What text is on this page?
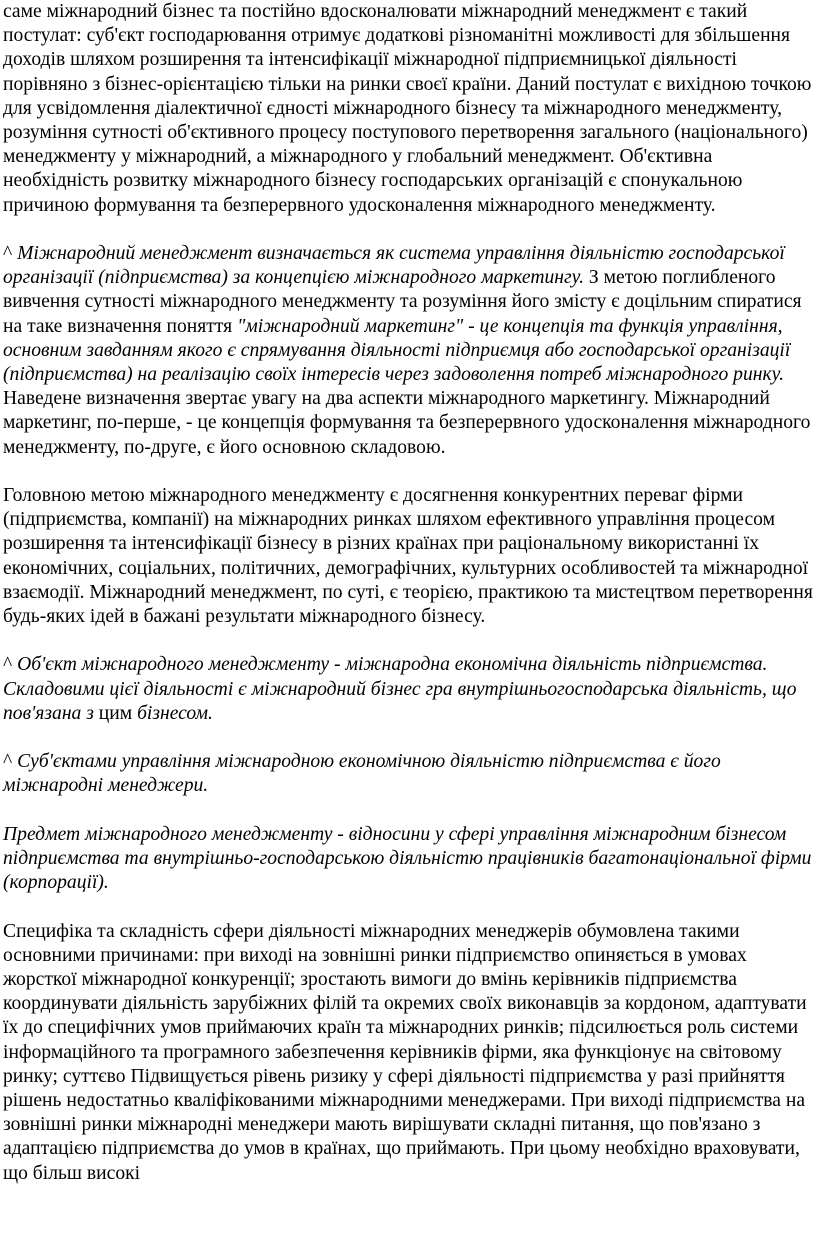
саме міжнародний бізнес та постійно вдосконалювати міжнародний менеджмент є такий постулат: суб'єкт господарювання отримує додаткові різноманітні можливості для збільшення доходів шляхом розширення та інтенсифікації міжнародної підприємницької діяльності порівняно з бізнес-орієнтацією тільки на ринки своєї країни. Даний постулат є вихідною точкою для усвідомлення діалектичної єдності міжнародного бізнесу та міжнародного менеджменту, розуміння сутності об'єктивного процесу поступового перетворення загального (національного) менеджменту у міжнародний, а міжнародного у глобальний менеджмент. Об'єктивна необхідність розвитку міжнародного бізнесу господарських організацій є спонукальною причиною формування та безперервного удосконалення міжнародного менеджменту.

^ Міжнародний менеджмент визначається як система управління діяльністю господарської організації (підприємства) за концепцією міжнародного маркетингу. З метою поглибленого вивчення сутності міжнародного менеджменту та розуміння його змісту є доцільним спиратися на таке визначення поняття "міжнародний маркетинг" - це концепція та функція управління, основним завданням якого є спрямування діяльності підприємця або господарської організації (підприємства) на реалізацію своїх інтересів через задоволення потреб міжнародного ринку. Наведене визначення звертає увагу на два аспекти міжнародного маркетингу. Міжнародний маркетинг, по-перше, - це концепція формування та безперервного удосконалення міжнародного менеджменту, по-друге, є його основною складовою.

Головною метою міжнародного менеджменту є досягнення конкурентних переваг фірми (підприємства, компанії) на міжнародних ринках шляхом ефективного управління процесом розширення та інтенсифікації бізнесу в різних країнах при раціональному використанні їх економічних, соціальних, політичних, демографічних, культурних особливостей та міжнародної взаємодії. Міжнародний менеджмент, по суті, є теорією, практикою та мистецтвом перетворення будь-яких ідей в бажані результати міжнародного бізнесу.

^ Об'єкт міжнародного менеджменту - міжнародна економічна діяльність підприємства. Складовими цієї діяльності є міжнародний бізнес гра внутрішньогосподарська діяльність, що пов'язана з цим бізнесом.

^ Суб'єктами управління міжнародною економічною діяльністю підприємства є його міжнародні менеджери.

Предмет міжнародного менеджменту - відносини у сфері управління міжнародним бізнесом підприємства та внутрішньо-господарською діяльністю працівників багатонаціональної фірми (корпорації).

Специфіка та складність сфери діяльності міжнародних менеджерів обумовлена такими основними причинами: при виході на зовнішні ринки підприємство опиняється в умовах жорсткої міжнародної конкуренції; зростають вимоги до вмінь керівників підприємства координувати діяльність зарубіжних філій та окремих своїх виконавців за кордоном, адаптувати їх до специфічних умов приймаючих країн та міжнародних ринків; підсилюється роль системи інформаційного та програмного забезпечення керівників фірми, яка функціонує на світовому ринку; суттєво Підвищується рівень ризику у сфері діяльності підприємства у разі прийняття рішень недостатньо кваліфікованими міжнародними менеджерами. При виході підприємства на зовнішні ринки міжнародні менеджери мають вирішувати складні питання, що пов'язано з адаптацією підприємства до умов в країнах, що приймають. При цьому необхідно враховувати, що більш високі
